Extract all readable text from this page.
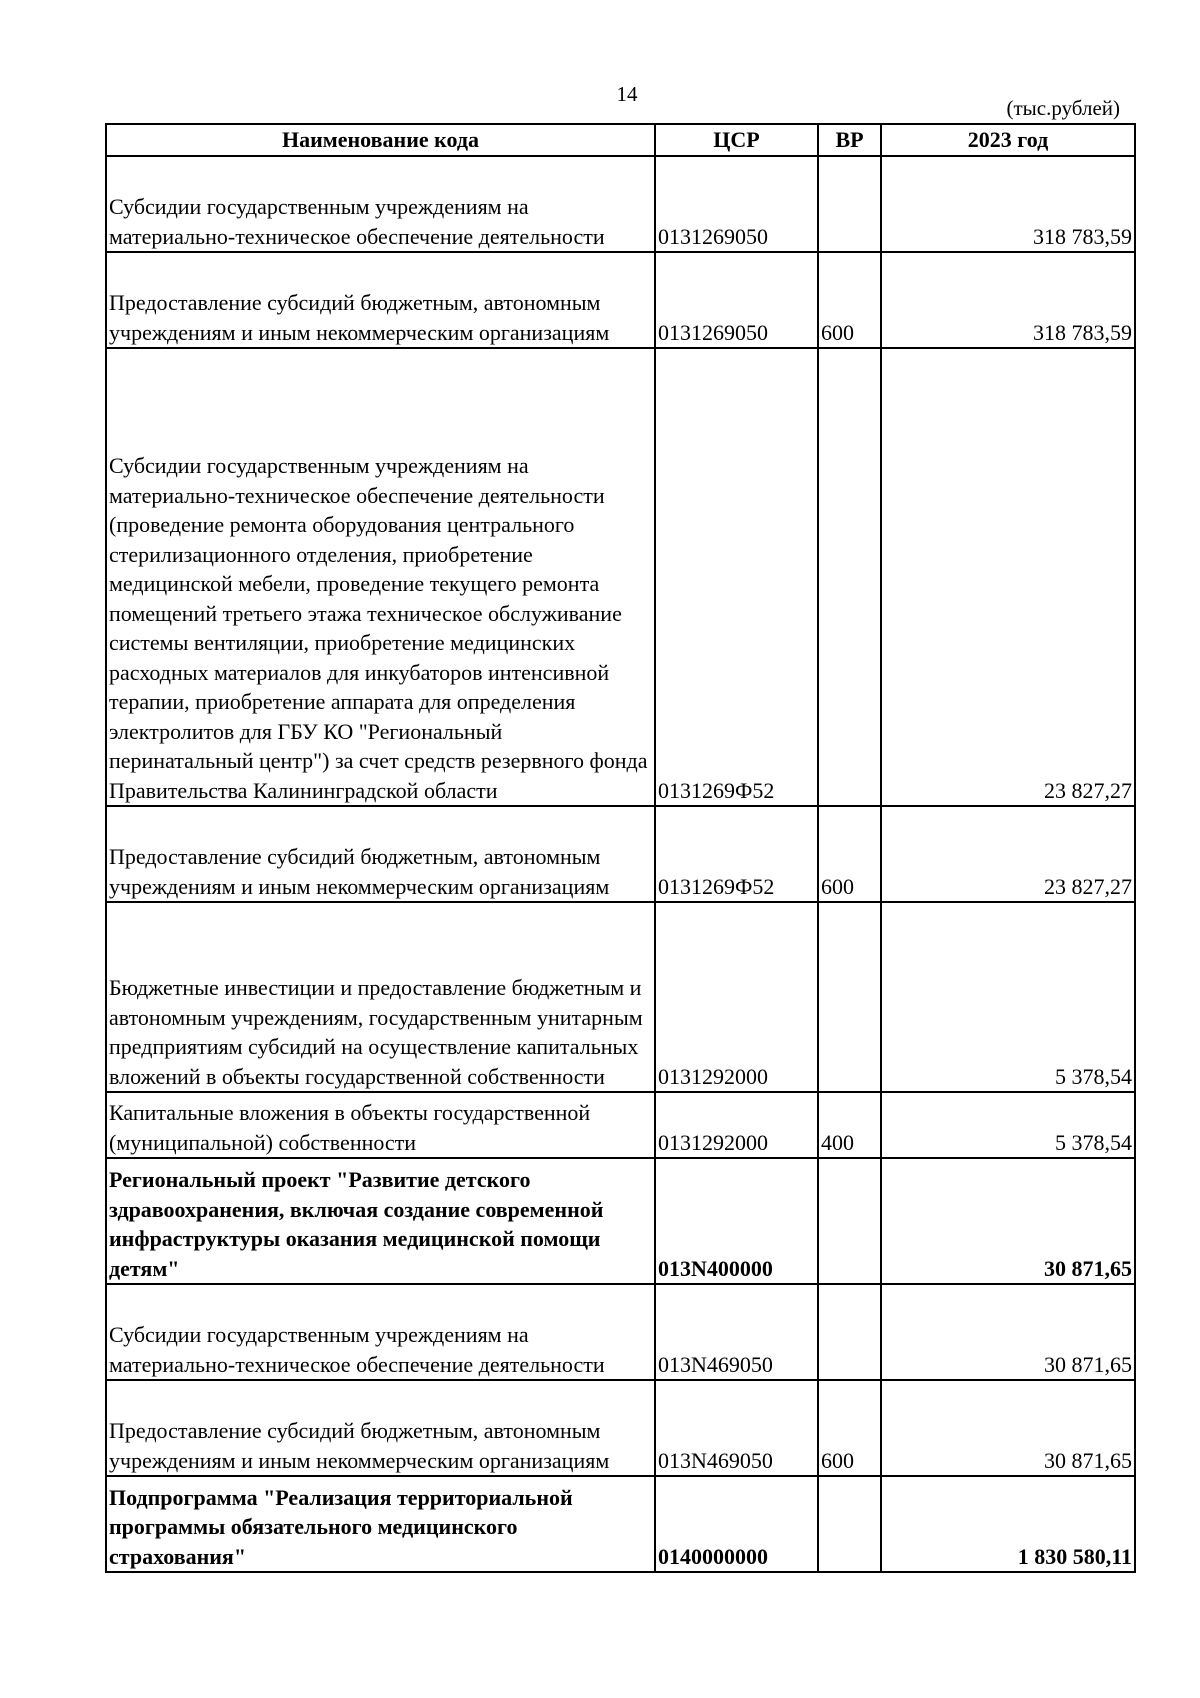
14
(тыс.рублей)
Наименование кода	ЦСР	ВР	2023 год
Субсидии государственным учреждениям на материально-техническое обеспечение деятельности	0131269050		318 783,59
Предоставление субсидий бюджетным, автономным учреждениям и иным некоммерческим организациям	0131269050	600	318 783,59
Субсидии государственным учреждениям на материально-техническое обеспечение деятельности (проведение ремонта оборудования центрального стерилизационного отделения, приобретение медицинской мебели, проведение текущего ремонта помещений третьего этажа техническое обслуживание системы вентиляции, приобретение медицинских расходных материалов для инкубаторов интенсивной терапии, приобретение аппарата для определения электролитов для ГБУ КО "Региональный перинатальный центр") за счет средств резервного фонда Правительства Калининградской области	0131269Ф52		23 827,27
Предоставление субсидий бюджетным, автономным учреждениям и иным некоммерческим организациям	0131269Ф52	600	23 827,27
Бюджетные инвестиции и предоставление бюджетным и автономным учреждениям, государственным унитарным предприятиям субсидий на осуществление капитальных вложений в объекты государственной собственности	0131292000		5 378,54
Капитальные вложения в объекты государственной (муниципальной) собственности	0131292000	400	5 378,54
Региональный проект "Развитие детского здравоохранения, включая создание современной инфраструктуры оказания медицинской помощи детям"	013N400000		30 871,65
Субсидии государственным учреждениям на материально-техническое обеспечение деятельности	013N469050		30 871,65
Предоставление субсидий бюджетным, автономным учреждениям и иным некоммерческим организациям	013N469050	600	30 871,65
Подпрограмма "Реализация территориальной программы обязательного медицинского страхования"	0140000000		1 830 580,11
